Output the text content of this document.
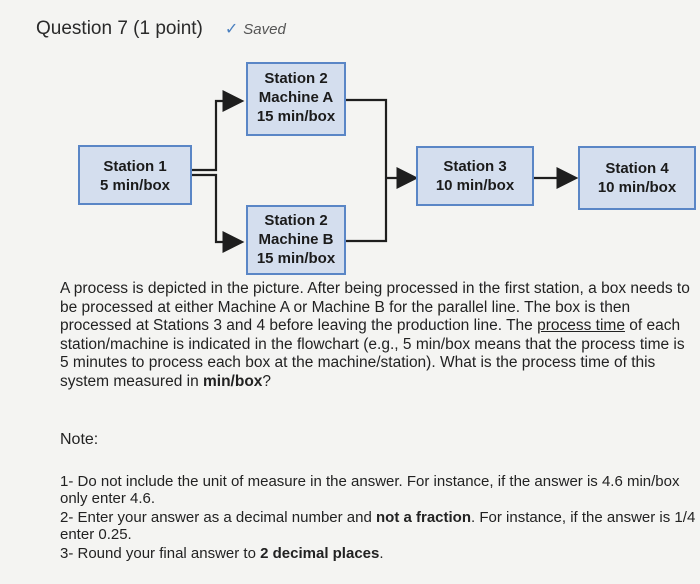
Question 7 (1 point) ✓ Saved
Station 1
5 min/box
Station 2
Machine A
15 min/box
Station 2
Machine B
15 min/box
Station 3
10 min/box
Station 4
10 min/box
A process is depicted in the picture. After being processed in the first station, a box needs to be processed at either Machine A or Machine B for the parallel line. The box is then processed at Stations 3 and 4 before leaving the production line. The process time of each station/machine is indicated in the flowchart (e.g., 5 min/box means that the process time is 5 minutes to process each box at the machine/station). What is the process time of this system measured in min/box?
Note:
1- Do not include the unit of measure in the answer. For instance, if the answer is 4.6 min/box only enter 4.6.
2- Enter your answer as a decimal number and not a fraction. For instance, if the answer is 1/4 enter 0.25.
3- Round your final answer to 2 decimal places.
